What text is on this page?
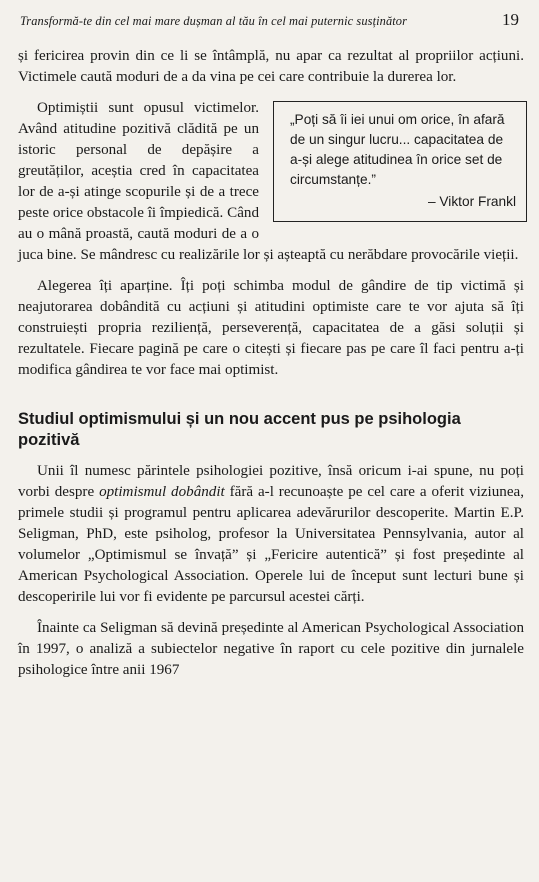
Transformă-te din cel mai mare dușman al tău în cel mai puternic susținător	19

și fericirea provin din ce li se întâmplă, nu apar ca rezultat al propriilor acțiuni. Victimele caută moduri de a da vina pe cei care contribuie la durerea lor.

„Poți să îi iei unui om orice, în afară de un singur lucru... capacitatea de a-și alege atitudinea în orice set de circumstanțe.”
– Viktor Frankl

Optimiștii sunt opusul victimelor. Având atitudine pozitivă clădită pe un istoric personal de depășire a greutăților, aceștia cred în capacitatea lor de a-și atinge scopurile și de a trece peste orice obstacole îi împiedică. Când au o mână proastă, caută moduri de a o juca bine. Se mândresc cu realizările lor și așteaptă cu nerăbdare provocările vieții.

Alegerea îți aparține. Îți poți schimba modul de gândire de tip victimă și neajutorarea dobândită cu acțiuni și atitudini optimiste care te vor ajuta să îți construiești propria reziliență, perseverență, capacitatea de a găsi soluții și rezultatele. Fiecare pagină pe care o citești și fiecare pas pe care îl faci pentru a-ți modifica gândirea te vor face mai optimist.

Studiul optimismului și un nou accent pus pe psihologia pozitivă

Unii îl numesc părintele psihologiei pozitive, însă oricum i-ai spune, nu poți vorbi despre optimismul dobândit fără a-l recunoaște pe cel care a oferit viziunea, primele studii și programul pentru aplicarea adevărurilor descoperite. Martin E.P. Seligman, PhD, este psiholog, profesor la Universitatea Pennsylvania, autor al volumelor „Optimismul se învață” și „Fericire autentică” și fost președinte al American Psychological Association. Operele lui de început sunt lecturi bune și descoperirile lui vor fi evidente pe parcursul acestei cărți.

Înainte ca Seligman să devină președinte al American Psychological Association în 1997, o analiză a subiectelor negative în raport cu cele pozitive din jurnalele psihologice între anii 1967
